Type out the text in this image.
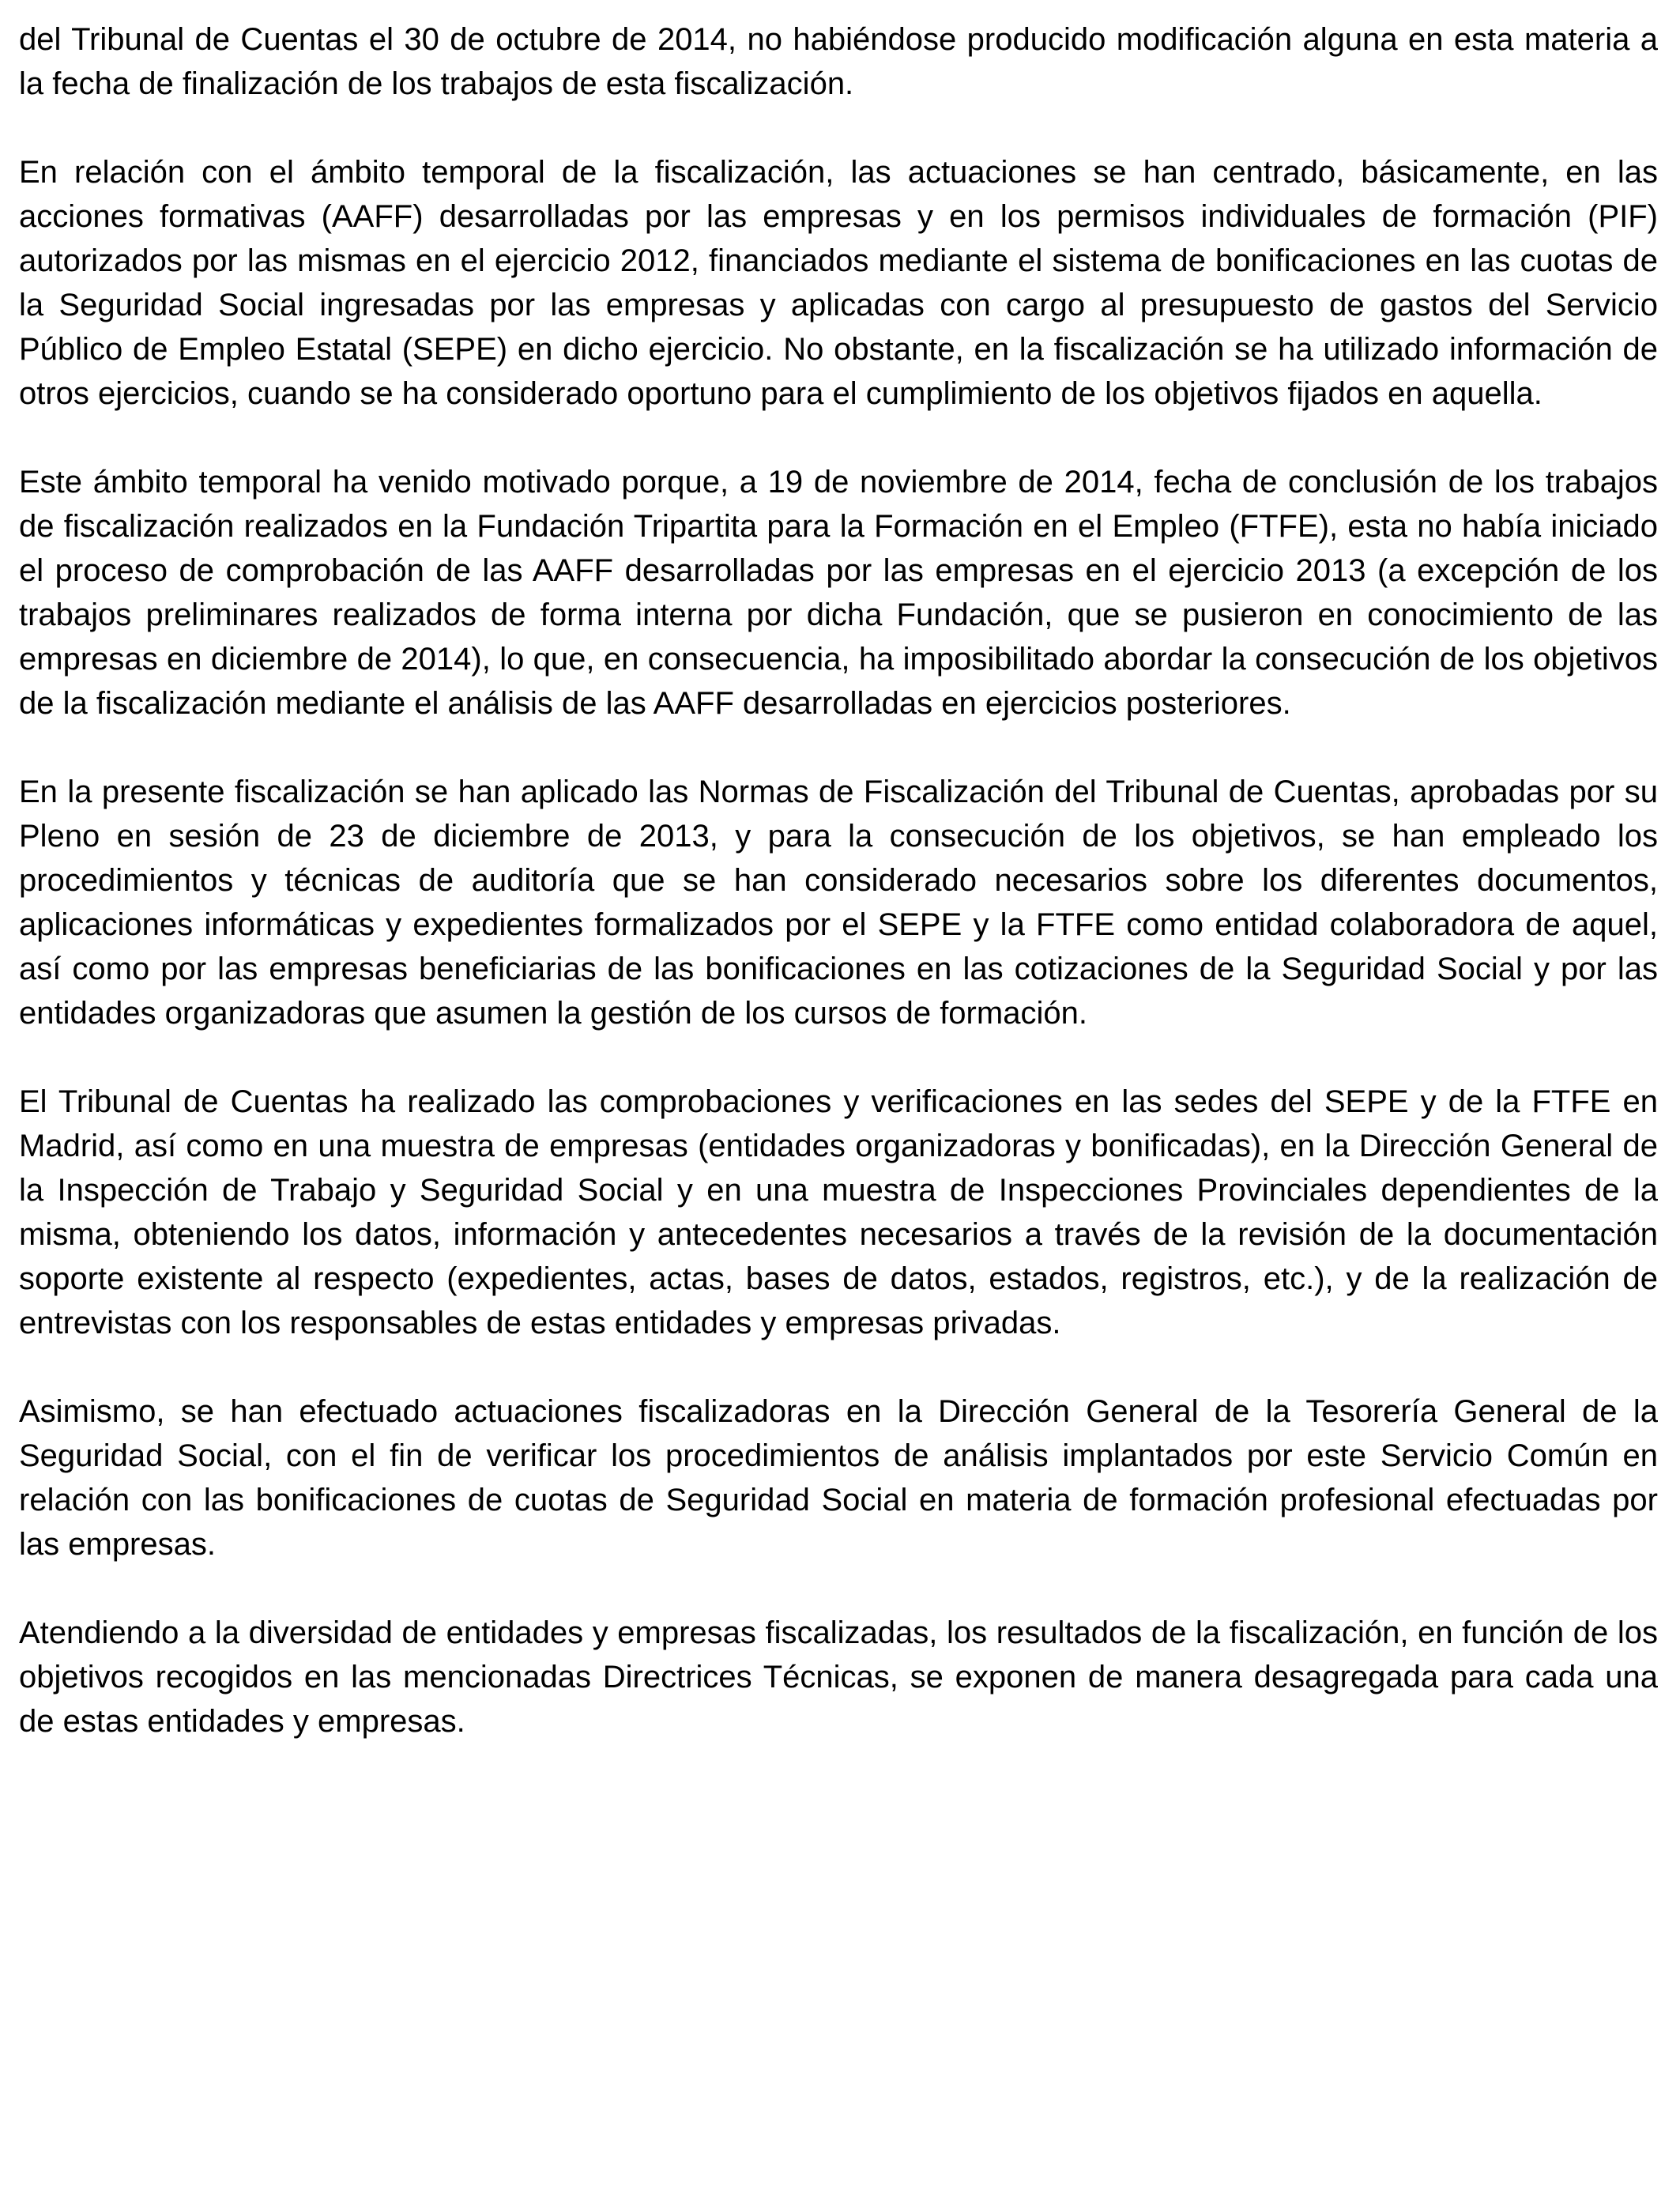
del Tribunal de Cuentas el 30 de octubre de 2014, no habiéndose producido modificación alguna en esta materia a la fecha de finalización de los trabajos de esta fiscalización.

En relación con el ámbito temporal de la fiscalización, las actuaciones se han centrado, básicamente, en las acciones formativas (AAFF) desarrolladas por las empresas y en los permisos individuales de formación (PIF) autorizados por las mismas en el ejercicio 2012, financiados mediante el sistema de bonificaciones en las cuotas de la Seguridad Social ingresadas por las empresas y aplicadas con cargo al presupuesto de gastos del Servicio Público de Empleo Estatal (SEPE) en dicho ejercicio. No obstante, en la fiscalización se ha utilizado información de otros ejercicios, cuando se ha considerado oportuno para el cumplimiento de los objetivos fijados en aquella.

Este ámbito temporal ha venido motivado porque, a 19 de noviembre de 2014, fecha de conclusión de los trabajos de fiscalización realizados en la Fundación Tripartita para la Formación en el Empleo (FTFE), esta no había iniciado el proceso de comprobación de las AAFF desarrolladas por las empresas en el ejercicio 2013 (a excepción de los trabajos preliminares realizados de forma interna por dicha Fundación, que se pusieron en conocimiento de las empresas en diciembre de 2014), lo que, en consecuencia, ha imposibilitado abordar la consecución de los objetivos de la fiscalización mediante el análisis de las AAFF desarrolladas en ejercicios posteriores.

En la presente fiscalización se han aplicado las Normas de Fiscalización del Tribunal de Cuentas, aprobadas por su Pleno en sesión de 23 de diciembre de 2013, y para la consecución de los objetivos, se han empleado los procedimientos y técnicas de auditoría que se han considerado necesarios sobre los diferentes documentos, aplicaciones informáticas y expedientes formalizados por el SEPE y la FTFE como entidad colaboradora de aquel, así como por las empresas beneficiarias de las bonificaciones en las cotizaciones de la Seguridad Social y por las entidades organizadoras que asumen la gestión de los cursos de formación.

El Tribunal de Cuentas ha realizado las comprobaciones y verificaciones en las sedes del SEPE y de la FTFE en Madrid, así como en una muestra de empresas (entidades organizadoras y bonificadas), en la Dirección General de la Inspección de Trabajo y Seguridad Social y en una muestra de Inspecciones Provinciales dependientes de la misma, obteniendo los datos, información y antecedentes necesarios a través de la revisión de la documentación soporte existente al respecto (expedientes, actas, bases de datos, estados, registros, etc.), y de la realización de entrevistas con los responsables de estas entidades y empresas privadas.

Asimismo, se han efectuado actuaciones fiscalizadoras en la Dirección General de la Tesorería General de la Seguridad Social, con el fin de verificar los procedimientos de análisis implantados por este Servicio Común en relación con las bonificaciones de cuotas de Seguridad Social en materia de formación profesional efectuadas por las empresas.

Atendiendo a la diversidad de entidades y empresas fiscalizadas, los resultados de la fiscalización, en función de los objetivos recogidos en las mencionadas Directrices Técnicas, se exponen de manera desagregada para cada una de estas entidades y empresas.
